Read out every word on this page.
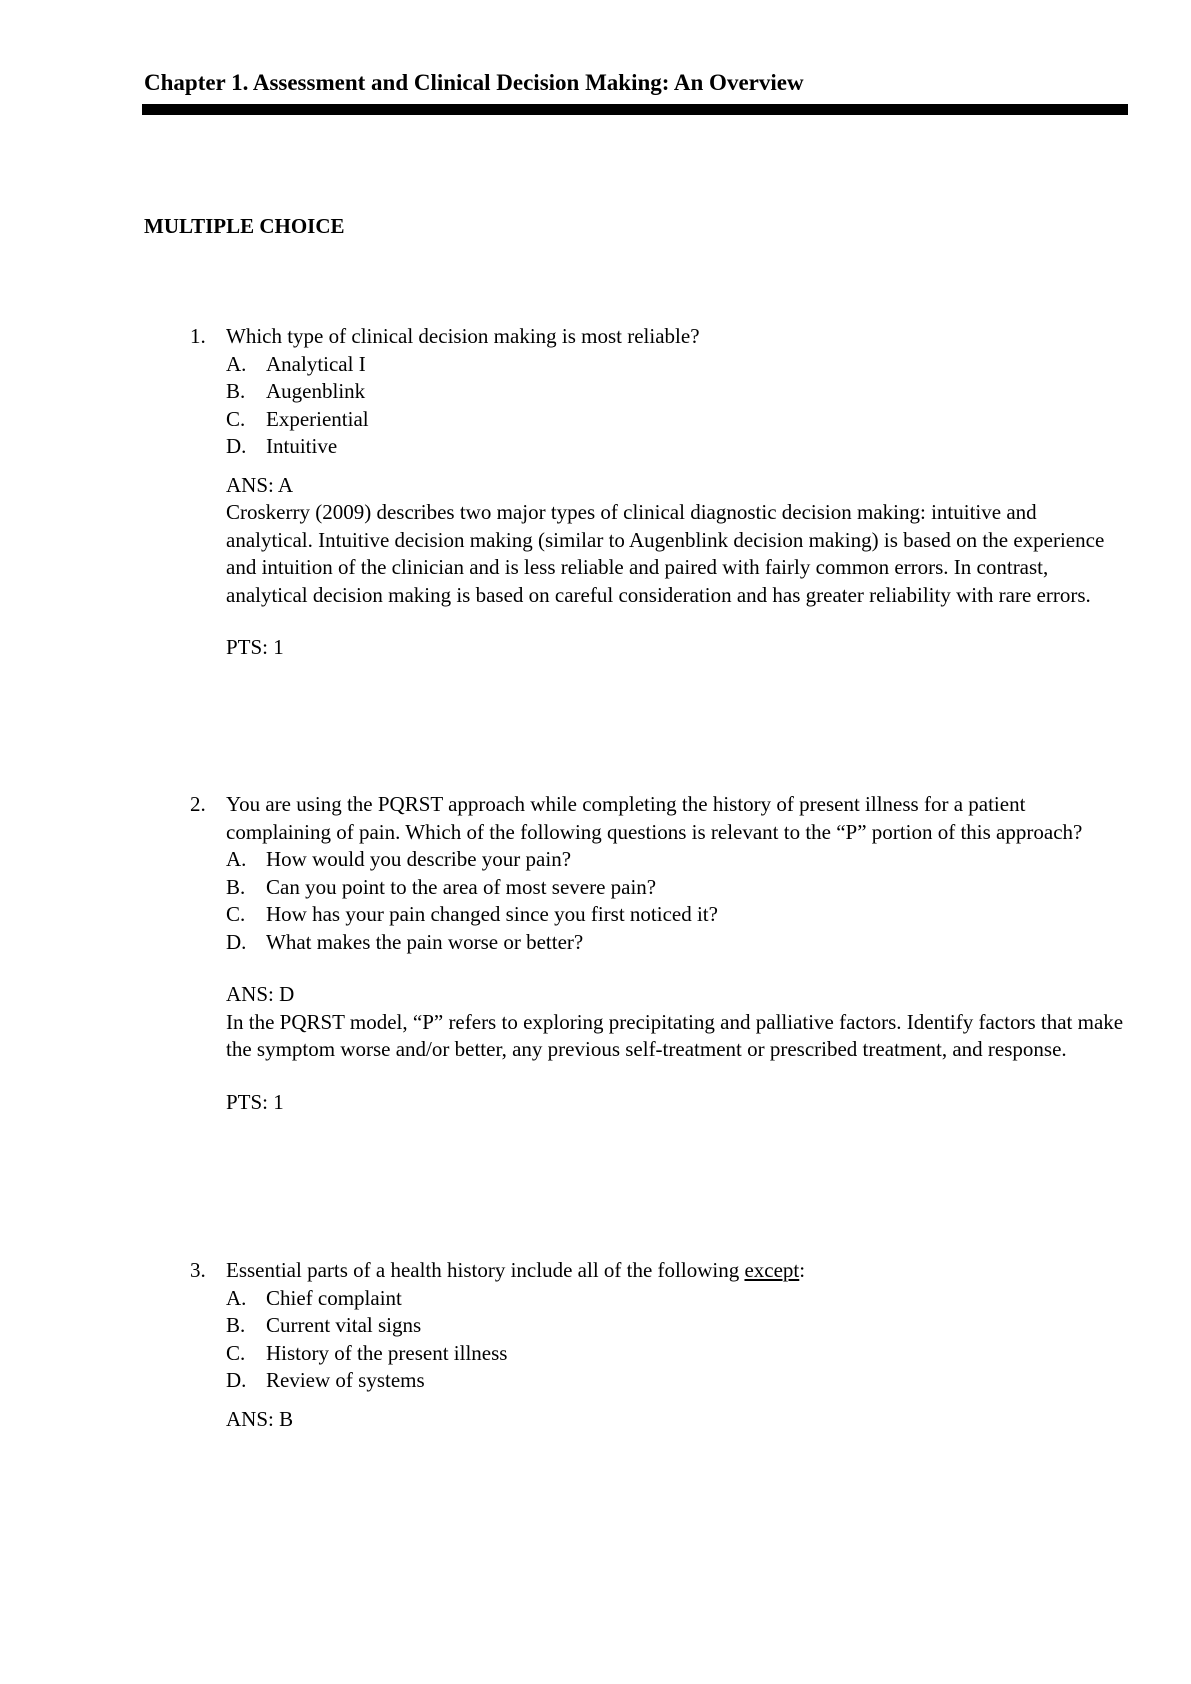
Chapter 1. Assessment and Clinical Decision Making: An Overview
MULTIPLE CHOICE
1. Which type of clinical decision making is most reliable?

A. Analytical I
B. Augenblink
C. Experiential
D. Intuitive

ANS: A

Croskerry (2009) describes two major types of clinical diagnostic decision making: intuitive and analytical. Intuitive decision making (similar to Augenblink decision making) is based on the experience and intuition of the clinician and is less reliable and paired with fairly common errors. In contrast, analytical decision making is based on careful consideration and has greater reliability with rare errors.

PTS: 1

2. You are using the PQRST approach while completing the history of present illness for a patient complaining of pain. Which of the following questions is relevant to the “P” portion of this approach?

A. How would you describe your pain?
B. Can you point to the area of most severe pain?
C. How has your pain changed since you first noticed it?
D. What makes the pain worse or better?

ANS: D

In the PQRST model, “P” refers to exploring precipitating and palliative factors. Identify factors that make the symptom worse and/or better, any previous self-treatment or prescribed treatment, and response.

PTS: 1

3. Essential parts of a health history include all of the following except:

A. Chief complaint
B. Current vital signs
C. History of the present illness
D. Review of systems

ANS: B
